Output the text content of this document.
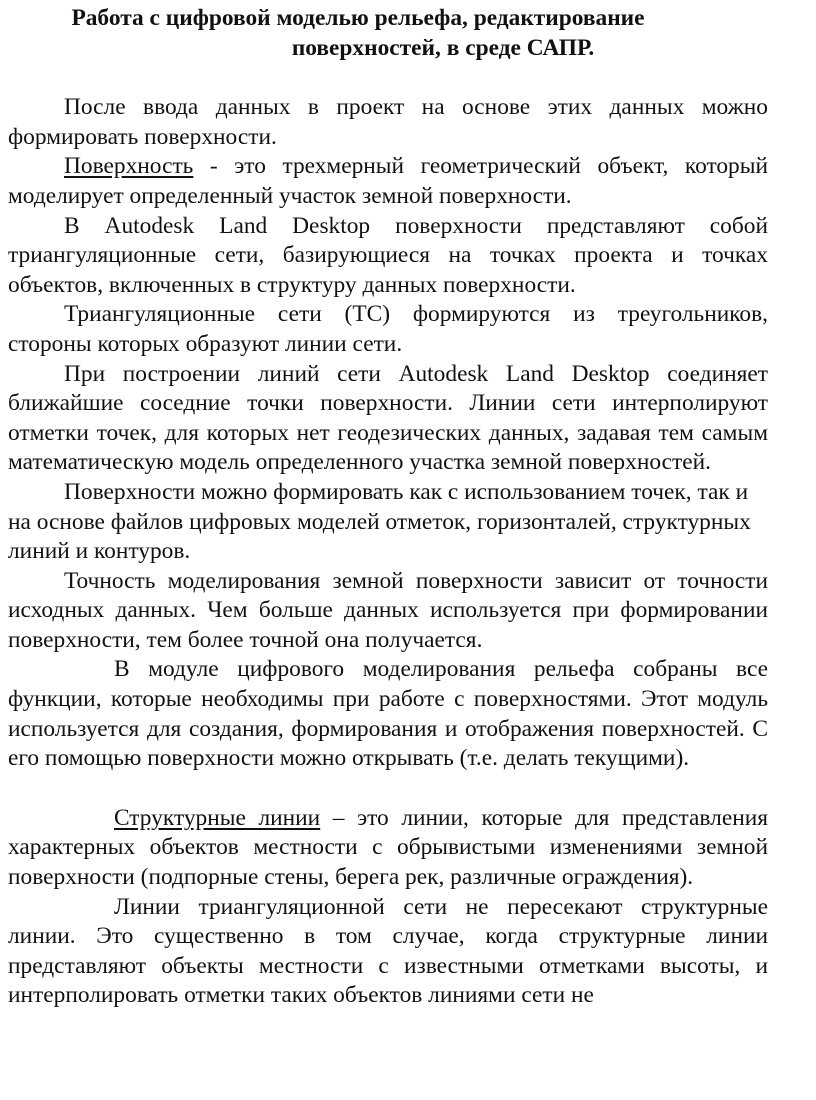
Работа с цифровой моделью рельефа, редактирование
поверхностей, в среде САПР.

После ввода данных в проект на основе этих данных можно формировать поверхности.

Поверхность - это трехмерный геометрический объект, который моделирует определенный участок земной поверхности.

В Autodesk Land Desktop поверхности представляют собой триангуляционные сети, базирующиеся на точках проекта и точках объектов, включенных в структуру данных поверхности.

Триангуляционные сети (ТС) формируются из треугольников, стороны которых образуют линии сети.

При построении линий сети Autodesk Land Desktop соединяет ближайшие соседние точки поверхности. Линии сети интерполируют отметки точек, для которых нет геодезических данных, задавая тем самым математическую модель определенного участка земной поверхностей.

Поверхности можно формировать как с использованием точек, так и на основе файлов цифровых моделей отметок, горизонталей, структурных линий и контуров.

Точность моделирования земной поверхности зависит от точности исходных данных. Чем больше данных используется при формировании поверхности, тем более точной она получается.

В модуле цифрового моделирования рельефа собраны все функции, которые необходимы при работе с поверхностями. Этот модуль используется для создания, формирования и отображения поверхностей. С его помощью поверхности можно открывать (т.е. делать текущими).

Структурные линии – это линии, которые для представления характерных объектов местности с обрывистыми изменениями земной поверхности (подпорные стены, берега рек, различные ограждения).

Линии триангуляционной сети не пересекают структурные линии. Это существенно в том случае, когда структурные линии представляют объекты местности с известными отметками высоты, и интерполировать отметки таких объектов линиями сети не
